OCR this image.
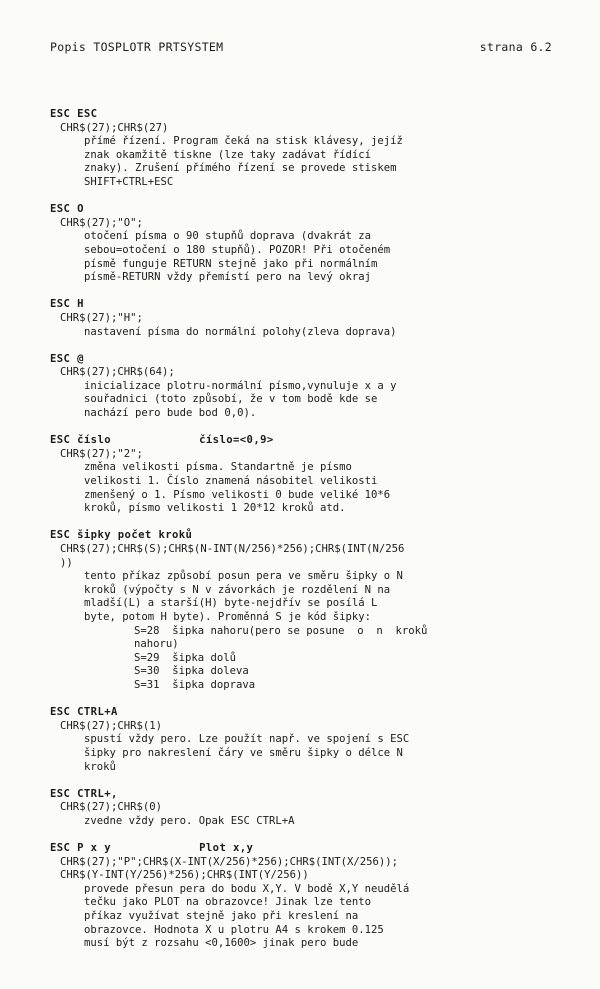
Popis TOSPLOTR PRTSYSTEM	strana 6.2
ESC ESC
CHR$(27);CHR$(27)
přímé řízení. Program čeká na stisk klávesy, jejíž
znak okamžitě tiskne (lze taky zadávat řídící
znaky). Zrušení přímého řízení se provede stiskem
SHIFT+CTRL+ESC
ESC O
CHR$(27);"O";
otočení písma o 90 stupňů doprava (dvakrát za
sebou=otočení o 180 stupňů). POZOR! Při otočeném
písmě funguje RETURN stejně jako při normálním
písmě-RETURN vždy přemístí pero na levý okraj
ESC H
CHR$(27);"H";
nastavení písma do normální polohy(zleva doprava)
ESC @
CHR$(27);CHR$(64);
inicializace plotru-normální písmo,vynuluje x a y
souřadnici (toto způsobí, že v tom bodě kde se
nachází pero bude bod 0,0).
ESC číslo             číslo=<0,9>
CHR$(27);"2";
změna velikosti písma. Standartně je písmo
velikosti 1. Číslo znamená násobitel velikosti
zmenšený o 1. Písmo velikosti 0 bude veliké 10*6
kroků, písmo velikosti 1 20*12 kroků atd.
ESC šipky počet kroků
CHR$(27);CHR$(S);CHR$(N-INT(N/256)*256);CHR$(INT(N/256
))
tento příkaz způsobí posun pera ve směru šipky o N
kroků (výpočty s N v závorkách je rozdělení N na
mladší(L) a starší(H) byte-nejdřív se posílá L
byte, potom H byte). Proměnná S je kód šipky:
S=28  šipka nahoru(pero se posune  o  n  kroků
nahoru)
S=29  šipka dolů
S=30  šipka doleva
S=31  šipka doprava
ESC CTRL+A
CHR$(27);CHR$(1)
spustí vždy pero. Lze použít např. ve spojení s ESC
šipky pro nakreslení čáry ve směru šipky o délce N
kroků
ESC CTRL+,
CHR$(27);CHR$(0)
zvedne vždy pero. Opak ESC CTRL+A
ESC P x y             Plot x,y
CHR$(27);"P";CHR$(X-INT(X/256)*256);CHR$(INT(X/256));
CHR$(Y-INT(Y/256)*256);CHR$(INT(Y/256))
provede přesun pera do bodu X,Y. V bodě X,Y neudělá
tečku jako PLOT na obrazovce! Jinak lze tento
příkaz využívat stejně jako při kreslení na
obrazovce. Hodnota X u plotru A4 s krokem 0.125
musí být z rozsahu <0,1600> jinak pero bude
